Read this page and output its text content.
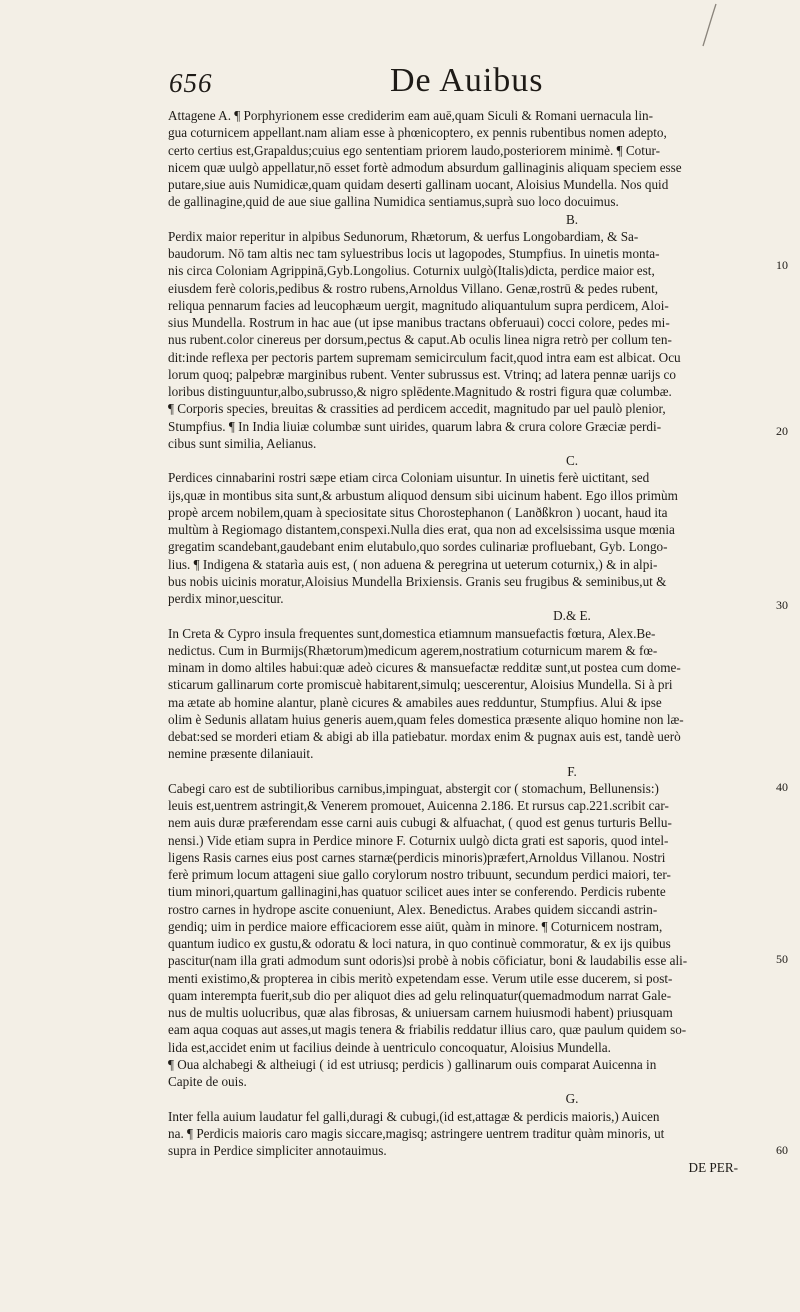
656	De Auibus
Attagene A. ¶ Porphyrionem esse crediderim eam auē,quam Siculi & Romani uernacula lin-
gua coturnicem appellant.nam aliam esse à phœnicoptero, ex pennis rubentibus nomen adepto,
certo certius est,Grapaldus;cuius ego sententiam priorem laudo,posteriorem minimè. ¶ Cotur-
nicem quæ uulgò appellatur,nō esset fortè admodum absurdum gallinaginis aliquam speciem esse
putare,siue auis Numidicæ,quam quidam deserti gallinam uocant, Aloisius Mundella. Nos quid
de gallinagine,quid de aue siue gallina Numidica sentiamus,suprà suo loco docuimus.
B.
Perdix maior reperitur in alpibus Sedunorum, Rhætorum, & uerfus Longobardiam, & Sa-
baudorum. Nō tam altis nec tam syluestribus locis ut lagopodes, Stumpfius. In uinetis monta-
nis circa Coloniam Agrippinā,Gyb.Longolius. Coturnix uulgò(Italis)dicta, perdice maior est,
eiusdem ferè coloris,pedibus & rostro rubens,Arnoldus Villano. Genæ,rostrū & pedes rubent,
reliqua pennarum facies ad leucophæum uergit, magnitudo aliquantulum supra perdicem, Aloi-
sius Mundella. Rostrum in hac aue (ut ipse manibus tractans obferuaui) cocci colore, pedes mi-
nus rubent.color cinereus per dorsum,pectus & caput.Ab oculis linea nigra retrò per collum ten-
dit:inde reflexa per pectoris partem supremam semicirculum facit,quod intra eam est albicat. Ocu
lorum quoq; palpebræ marginibus rubent. Venter subrussus est. Vtrinq; ad latera pennæ uarijs co
loribus distinguuntur,albo,subrusso,& nigro splēdente.Magnitudo & rostri figura quæ columbæ.
¶ Corporis species, breuitas & crassities ad perdicem accedit, magnitudo par uel paulò plenior,
Stumpfius. ¶ In India liuiæ columbæ sunt uirides, quarum labra & crura colore Græciæ perdi-
cibus sunt similia, Aelianus.
C.
Perdices cinnabarini rostri sæpe etiam circa Coloniam uisuntur. In uinetis ferè uictitant, sed
ijs,quæ in montibus sita sunt,& arbustum aliquod densum sibi uicinum habent. Ego illos primùm
propè arcem nobilem,quam à speciositate situs Chorostephanon ( Lanðßkron ) uocant, haud ita
multùm à Regiomago distantem,conspexi.Nulla dies erat, qua non ad excelsissima usque mœnia
gregatim scandebant,gaudebant enim elutabulo,quo sordes culinariæ profluebant, Gyb. Longo-
lius. ¶ Indigena & statarìa auis est, ( non aduena & peregrina ut ueterum coturnix,) & in alpi-
bus nobis uicinis moratur,Aloisius Mundella Brixiensis. Granis seu frugibus & seminibus,ut &
perdix minor,uescitur.
D.& E.
In Creta & Cypro insula frequentes sunt,domestica etiamnum mansuefactis fœtura, Alex.Be-
nedictus. Cum in Burmijs(Rhætorum)medicum agerem,nostratium coturnicum marem & fœ-
minam in domo altiles habui:quæ adeò cicures & mansuefactæ redditæ sunt,ut postea cum dome-
sticarum gallinarum corte promiscuè habitarent,simulq; uescerentur, Aloisius Mundella. Si à pri
ma ætate ab homine alantur, planè cicures & amabiles aues redduntur, Stumpfius. Alui & ipse
olim è Sedunis allatam huius generis auem,quam feles domestica præsente aliquo homine non læ-
debat:sed se morderi etiam & abigi ab illa patiebatur. mordax enim & pugnax auis est, tandè uerò
nemine præsente dilaniauit.
F.
Cabegi caro est de subtilioribus carnibus,impinguat, abstergit cor ( stomachum, Bellunensis:)
leuis est,uentrem astringit,& Venerem promouet, Auicenna 2.186. Et rursus cap.221.scribit car-
nem auis duræ præferendam esse carni auis cubugi & alfuachat, ( quod est genus turturis Bellu-
nensi.) Vide etiam supra in Perdice minore F. Coturnix uulgò dicta grati est saporis, quod intel-
ligens Rasis carnes eius post carnes starnæ(perdicis minoris)præfert,Arnoldus Villanou. Nostri
ferè primum locum attageni siue gallo corylorum nostro tribuunt, secundum perdici maiori, ter-
tium minori,quartum gallinagini,has quatuor scilicet aues inter se conferendo. Perdicis rubente
rostro carnes in hydrope ascite conueniunt, Alex. Benedictus. Arabes quidem siccandi astrin-
gendiq; uim in perdice maiore efficaciorem esse aiūt, quàm in minore. ¶ Coturnicem nostram,
quantum iudico ex gustu,& odoratu & loci natura, in quo continuè commoratur, & ex ijs quibus
pascitur(nam illa grati admodum sunt odoris)si probè à nobis cōficiatur, boni & laudabilis esse ali-
menti existimo,& propterea in cibis meritò expetendam esse. Verum utile esse ducerem, si post-
quam interempta fuerit,sub dio per aliquot dies ad gelu relinquatur(quemadmodum narrat Gale-
nus de multis uolucribus, quæ alas fibrosas, & uniuersam carnem huiusmodi habent) priusquam
eam aqua coquas aut asses,ut magis tenera & friabilis reddatur illius caro, quæ paulum quidem so-
lida est,accidet enim ut facilius deinde à uentriculo concoquatur, Aloisius Mundella.
¶ Oua alchabegi & altheiugi ( id est utriusq; perdicis ) gallinarum ouis comparat Auicenna in
Capite de ouis.
G.
Inter fella auium laudatur fel galli,duragi & cubugi,(id est,attagæ & perdicis maioris,) Auicen
na. ¶ Perdicis maioris caro magis siccare,magisq; astringere uentrem traditur quàm minoris, ut
supra in Perdice simpliciter annotauimus.
DE PER-
10
20
30
40
50
60
